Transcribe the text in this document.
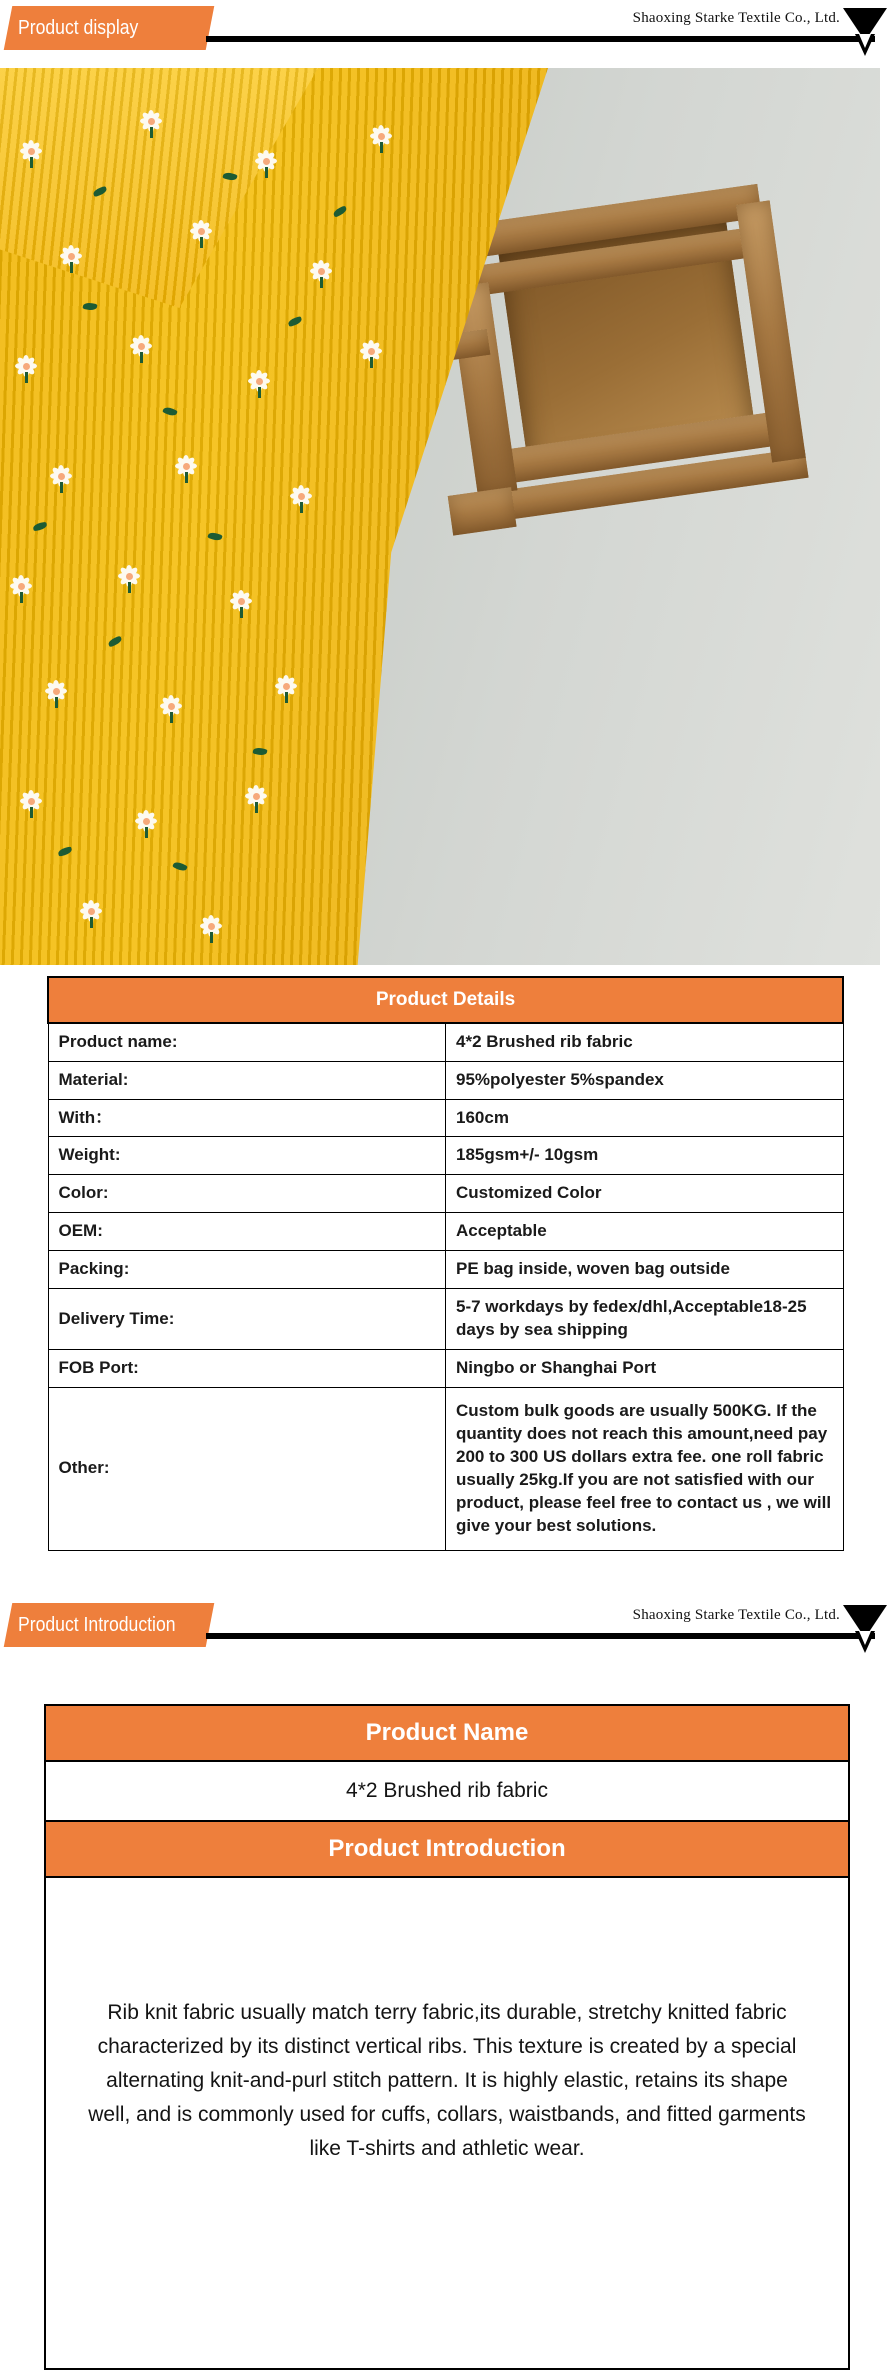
Product display	Shaoxing Starke Textile Co., Ltd.
Product Details	
Product name:	4*2 Brushed rib fabric
Material:	95%polyester 5%spandex
With：	160cm
Weight:	185gsm+/- 10gsm
Color:	Customized Color
OEM:	Acceptable
Packing:	PE bag inside, woven bag outside
Delivery Time:	5-7 workdays by fedex/dhl,Acceptable18-25 days by sea shipping
FOB Port:	Ningbo or Shanghai Port
Other:	Custom bulk goods are usually 500KG. If the quantity does not reach this amount,need pay 200 to 300 US dollars extra fee. one roll fabric usually 25kg.If you are not satisfied with our product, please feel free to contact us , we will give your best solutions.
Product Introduction	Shaoxing Starke Textile Co., Ltd.
Product Name
4*2 Brushed rib fabric
Product Introduction

Rib knit fabric usually match terry fabric,its durable, stretchy knitted fabric characterized by its distinct vertical ribs. This texture is created by a special alternating knit-and-purl stitch pattern. It is highly elastic, retains its shape well, and is commonly used for cuffs, collars, waistbands, and fitted garments like T-shirts and athletic wear.
